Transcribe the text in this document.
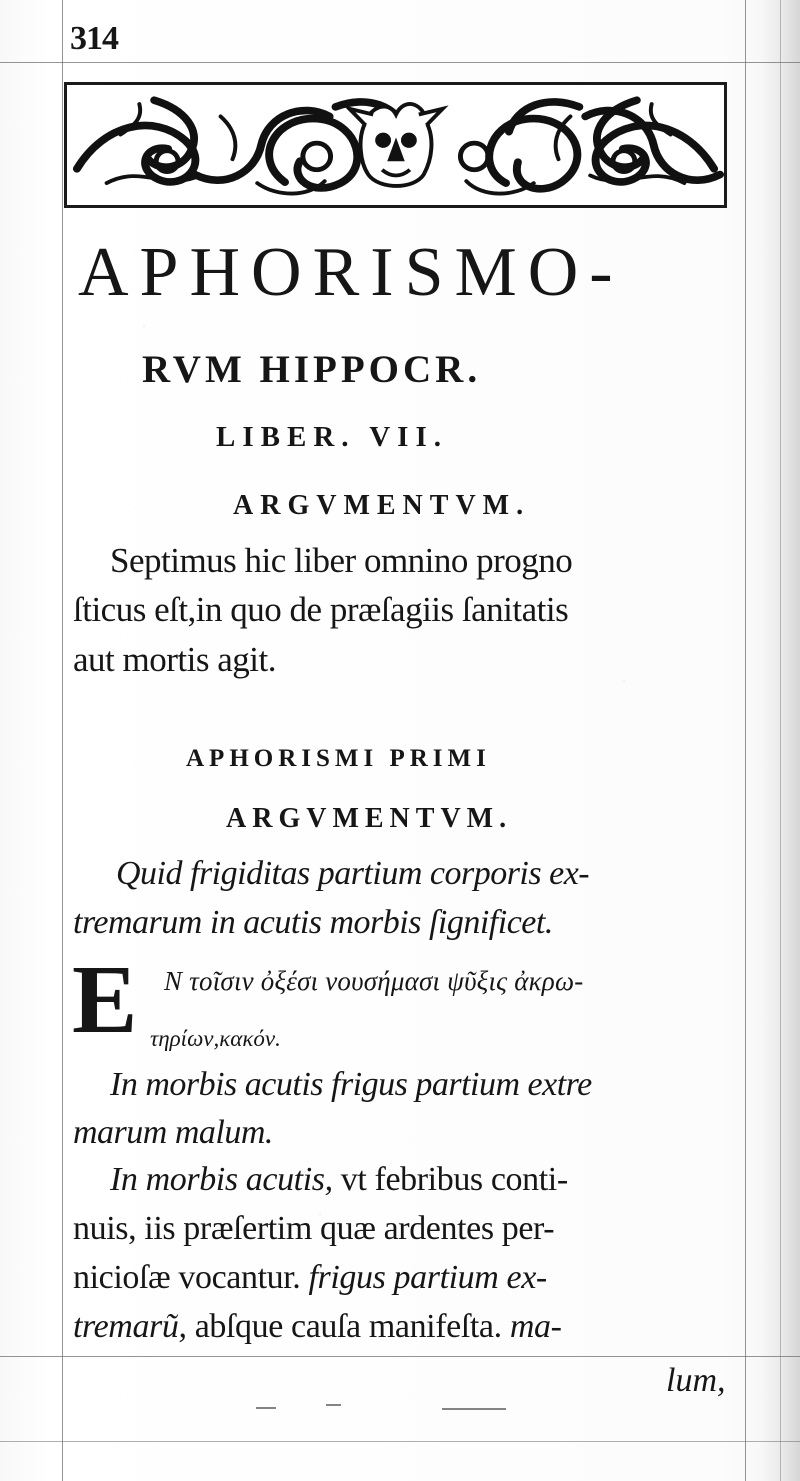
314
APHORISMO-
RVM HIPPOCR.
LIBER. VII.
ARGVMENTVM.
Septimus hic liber omnino progno
ſticus eſt,in quo de præſagiis ſanitatis
aut mortis agit.
APHORISMI PRIMI
ARGVMENTVM.
Quid frigiditas partium corporis ex-
tremarum in acutis morbis ſignificet.
E N τοῖσιν ὀξέσι νουσήμασι ψῦξις ἀκρω-
τηρίων,κακόν.
In morbis acutis frigus partium extre
marum malum.
In morbis acutis, vt febribus conti-
nuis, iis præſertim quæ ardentes per-
nicioſæ vocantur. frigus partium ex-
tremarũ, abſque cauſa manifeſta. ma-
lum,
